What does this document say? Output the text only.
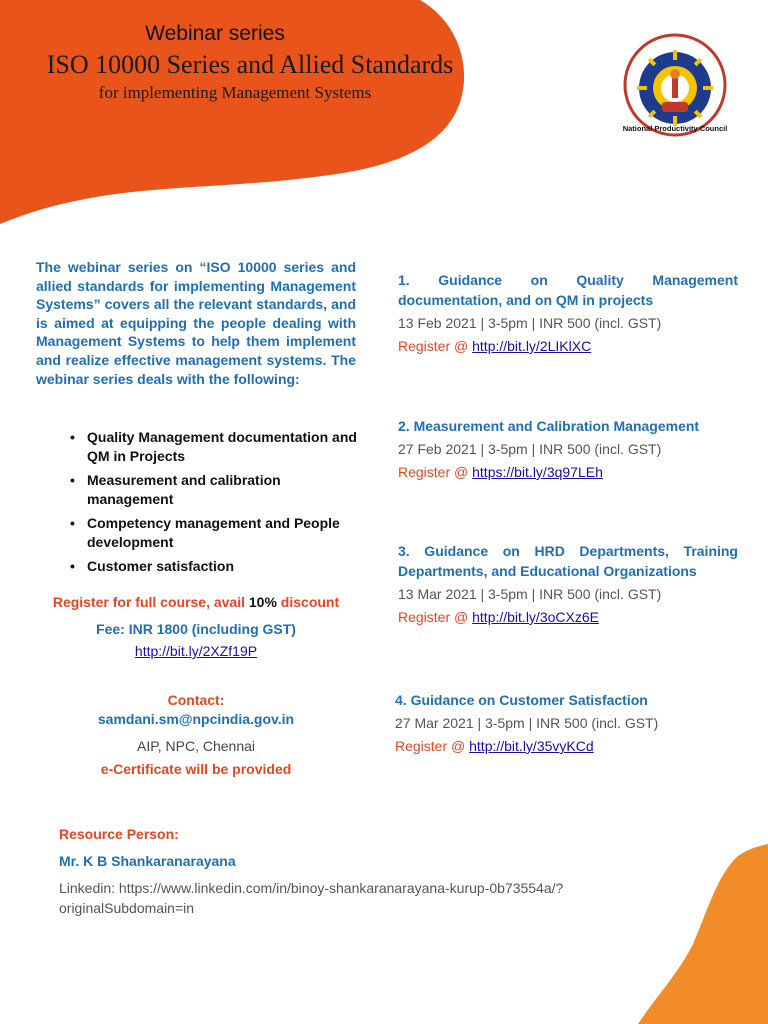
Webinar series
ISO 10000 Series and Allied Standards
for implementing Management Systems
National Productivity Council
The webinar series on “ISO 10000 series and allied standards for implementing Management Systems” covers all the relevant standards, and is aimed at equipping the people dealing with Management Systems to help them implement and realize effective management systems. The webinar series deals with the following:
• Quality Management documentation and QM in Projects
• Measurement and calibration management
• Competency management and People development
• Customer satisfaction
Register for full course, avail 10% discount
Fee: INR 1800 (including GST)
http://bit.ly/2XZf19P
Contact:
samdani.sm@npcindia.gov.in
AIP, NPC, Chennai
e-Certificate will be provided
1. Guidance on Quality Management documentation, and on QM in projects
13 Feb 2021 | 3-5pm | INR 500 (incl. GST)
Register @ http://bit.ly/2LIKlXC
2. Measurement and Calibration Management
27 Feb 2021 | 3-5pm | INR 500 (incl. GST)
Register @ https://bit.ly/3q97LEh
3. Guidance on HRD Departments, Training Departments, and Educational Organizations
13 Mar 2021 | 3-5pm | INR 500 (incl. GST)
Register @ http://bit.ly/3oCXz6E
4. Guidance on Customer Satisfaction
27 Mar 2021 | 3-5pm | INR 500 (incl. GST)
Register @ http://bit.ly/35vyKCd
Resource Person:
Mr. K B Shankaranarayana
Linkedin: https://www.linkedin.com/in/binoy-shankaranarayana-kurup-0b73554a/?originalSubdomain=in
